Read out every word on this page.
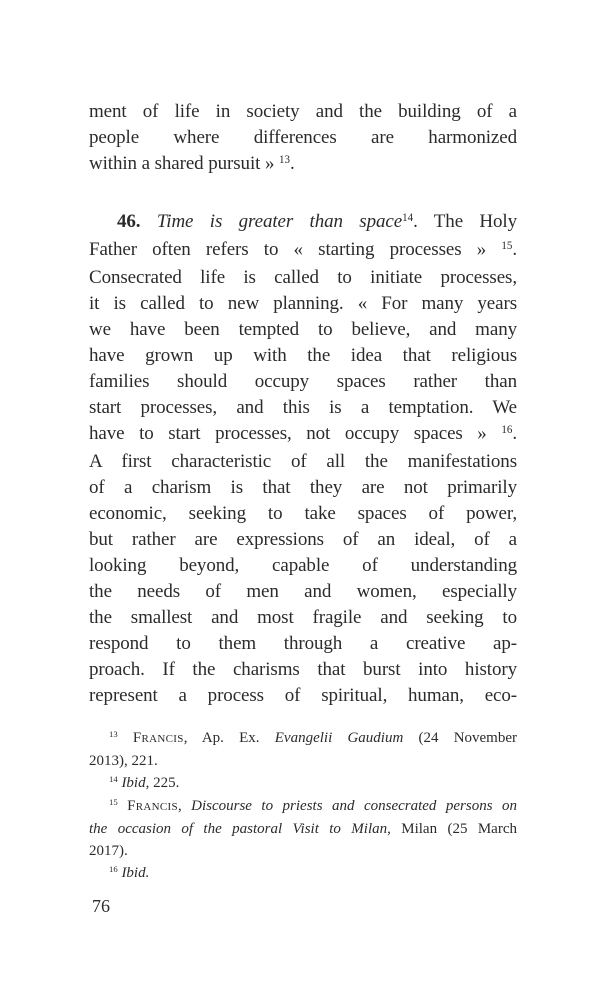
ment of life in society and the building of a
people where differences are harmonized
within a shared pursuit » $^{13}$.
46. Time is greater than space$^{14}$. The Holy
Father often refers to « starting processes » $^{15}$.
Consecrated life is called to initiate processes,
it is called to new planning. « For many years
we have been tempted to believe, and many
have grown up with the idea that religious
families should occupy spaces rather than
start processes, and this is a temptation. We
have to start processes, not occupy spaces » $^{16}$.
A first characteristic of all the manifestations
of a charism is that they are not primarily
economic, seeking to take spaces of power,
but rather are expressions of an ideal, of a
looking beyond, capable of understanding
the needs of men and women, especially
the smallest and most fragile and seeking to
respond to them through a creative ap-
proach. If the charisms that burst into history
represent a process of spiritual, human, eco-
$^{13}$ Francis, Ap. Ex. Evangelii Gaudium (24 November
2013), 221.
$^{14}$ Ibid, 225.
$^{15}$ Francis, Discourse to priests and consecrated persons on
the occasion of the pastoral Visit to Milan, Milan (25 March
2017).
$^{16}$ Ibid.
76
